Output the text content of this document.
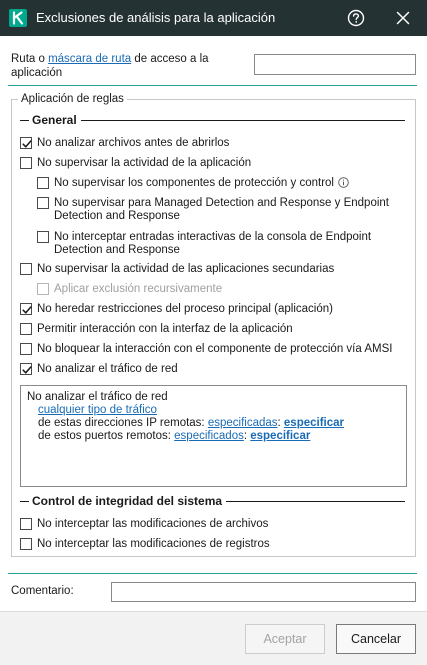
Exclusiones de análisis para la aplicación
Ruta o máscara de ruta de acceso a la aplicación
Aplicación de reglas
General
No analizar archivos antes de abrirlos
No supervisar la actividad de la aplicación
No supervisar los componentes de protección y control
No supervisar para Managed Detection and Response y Endpoint Detection and Response
No interceptar entradas interactivas de la consola de Endpoint Detection and Response
No supervisar la actividad de las aplicaciones secundarias
Aplicar exclusión recursivamente
No heredar restricciones del proceso principal (aplicación)
Permitir interacción con la interfaz de la aplicación
No bloquear la interacción con el componente de protección vía AMSI
No analizar el tráfico de red
No analizar el tráfico de red
cualquier tipo de tráfico
de estas direcciones IP remotas: especificadas: especificar
de estos puertos remotos: especificados: especificar
Control de integridad del sistema
No interceptar las modificaciones de archivos
No interceptar las modificaciones de registros
Comentario:
Aceptar	Cancelar
